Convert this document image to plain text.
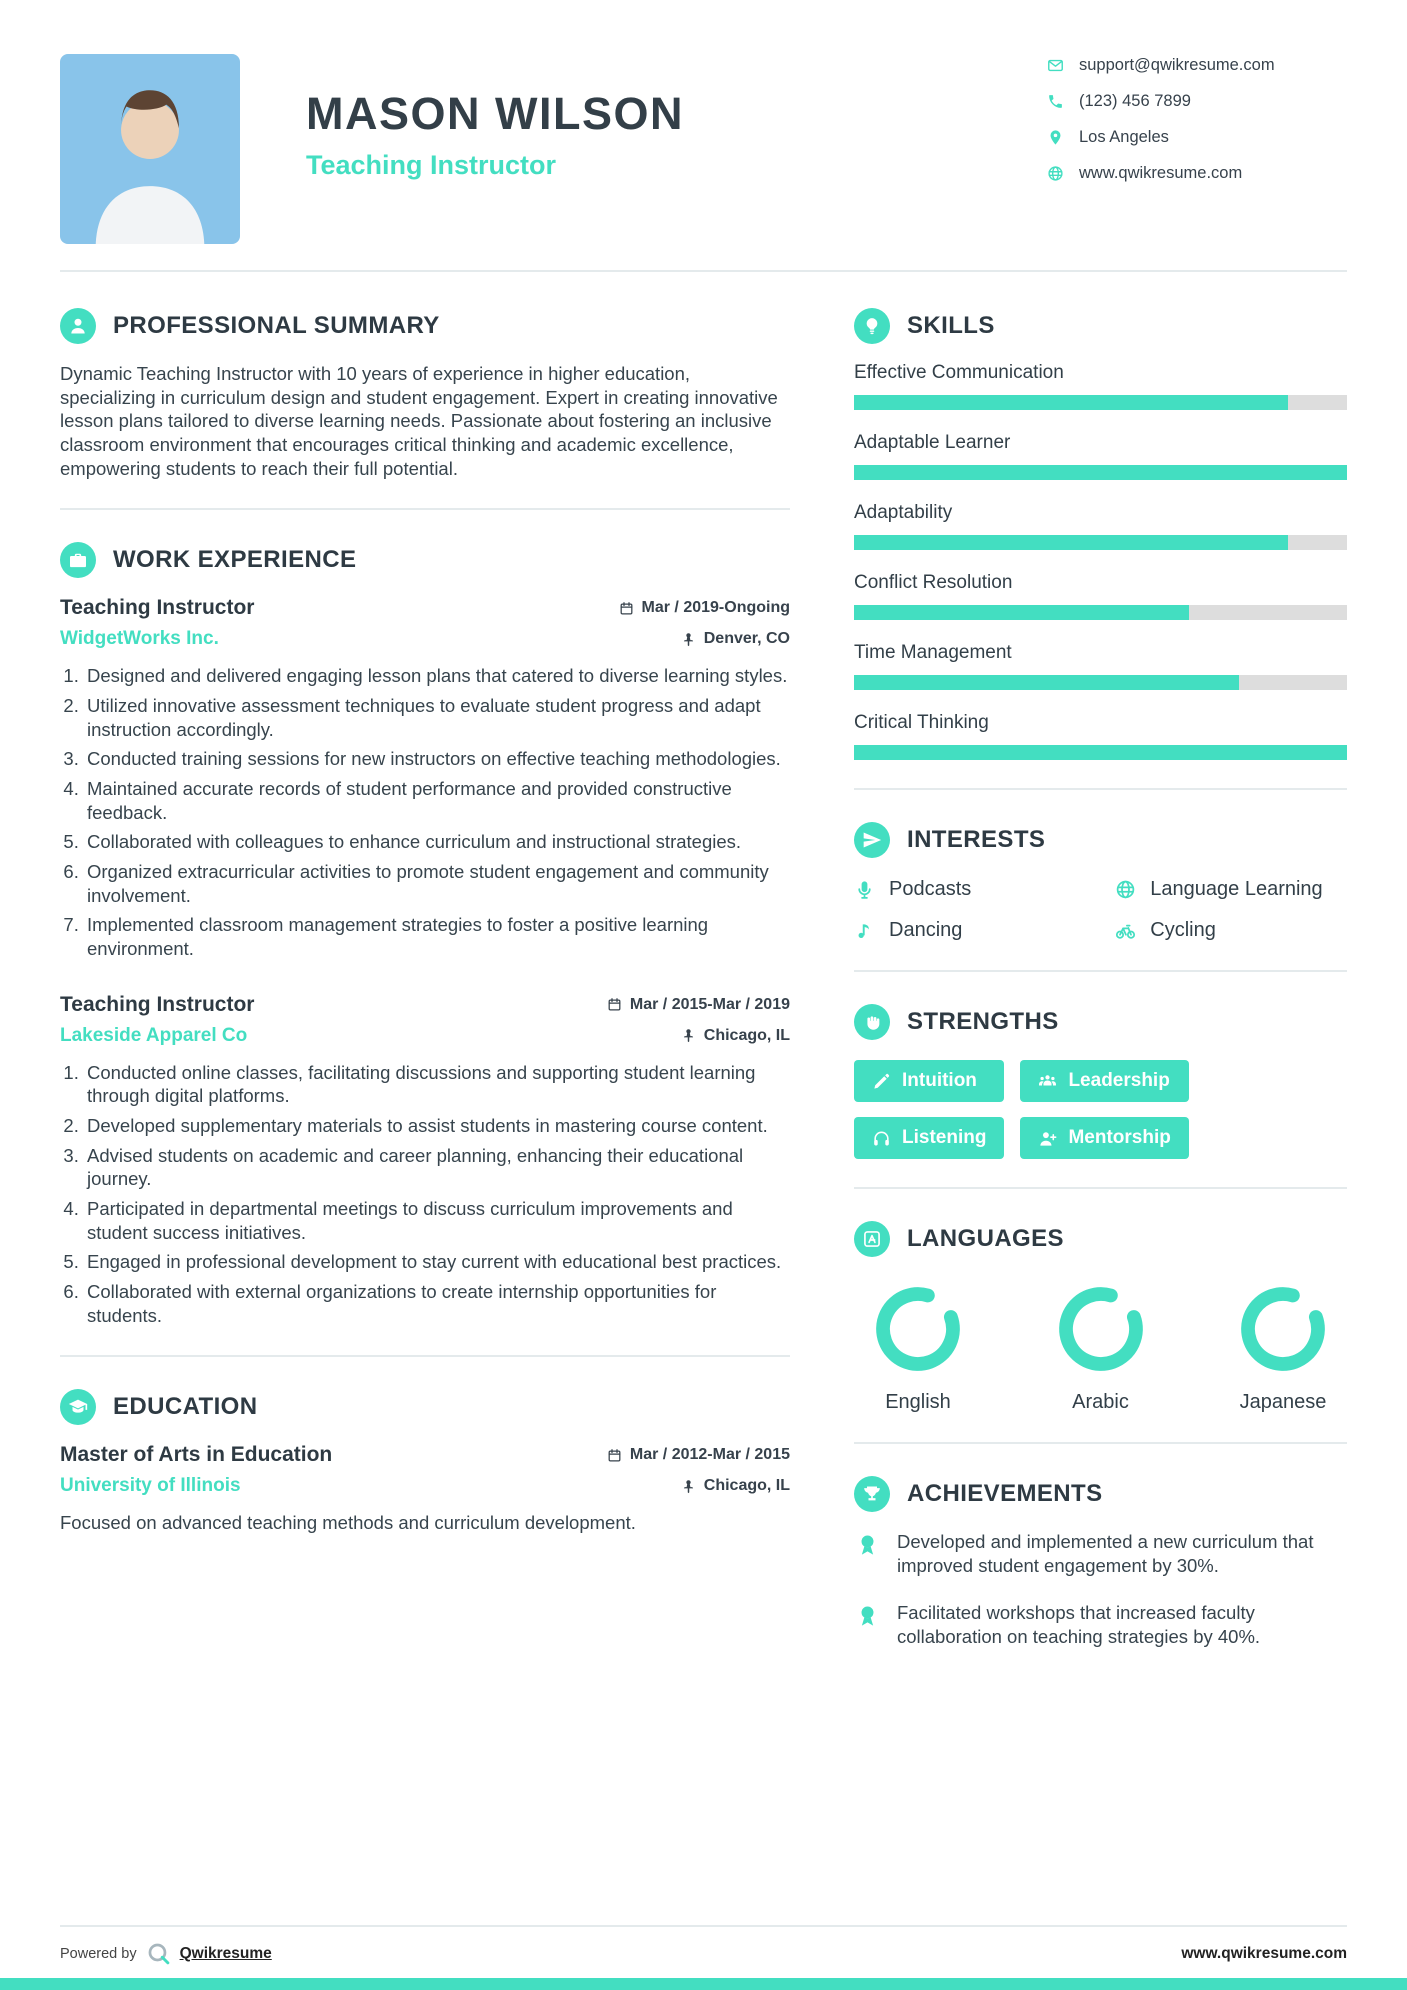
MASON WILSON
Teaching Instructor
support@qwikresume.com
(123) 456 7899
Los Angeles
www.qwikresume.com
PROFESSIONAL SUMMARY

Dynamic Teaching Instructor with 10 years of experience in higher education, specializing in curriculum design and student engagement. Expert in creating innovative lesson plans tailored to diverse learning needs. Passionate about fostering an inclusive classroom environment that encourages critical thinking and academic excellence, empowering students to reach their full potential.

WORK EXPERIENCE
Teaching Instructor	Mar / 2019-Ongoing
WidgetWorks Inc.	Denver, CO
1. Designed and delivered engaging lesson plans that catered to diverse learning styles.
2. Utilized innovative assessment techniques to evaluate student progress and adapt instruction accordingly.
3. Conducted training sessions for new instructors on effective teaching methodologies.
4. Maintained accurate records of student performance and provided constructive feedback.
5. Collaborated with colleagues to enhance curriculum and instructional strategies.
6. Organized extracurricular activities to promote student engagement and community involvement.
7. Implemented classroom management strategies to foster a positive learning environment.
Teaching Instructor	Mar / 2015-Mar / 2019
Lakeside Apparel Co	Chicago, IL
1. Conducted online classes, facilitating discussions and supporting student learning through digital platforms.
2. Developed supplementary materials to assist students in mastering course content.
3. Advised students on academic and career planning, enhancing their educational journey.
4. Participated in departmental meetings to discuss curriculum improvements and student success initiatives.
5. Engaged in professional development to stay current with educational best practices.
6. Collaborated with external organizations to create internship opportunities for students.
EDUCATION
Master of Arts in Education	Mar / 2012-Mar / 2015
University of Illinois	Chicago, IL

Focused on advanced teaching methods and curriculum development.

SKILLS
Effective Communication
Adaptable Learner
Adaptability
Conflict Resolution
Time Management
Critical Thinking
INTERESTS
Podcasts	Language Learning
Dancing	Cycling
STRENGTHS
Intuition	Leadership
Listening	Mentorship
LANGUAGES
English	Arabic	Japanese
ACHIEVEMENTS
Developed and implemented a new curriculum that improved student engagement by 30%.
Facilitated workshops that increased faculty collaboration on teaching strategies by 40%.
Powered by	Qwikresume	www.qwikresume.com
